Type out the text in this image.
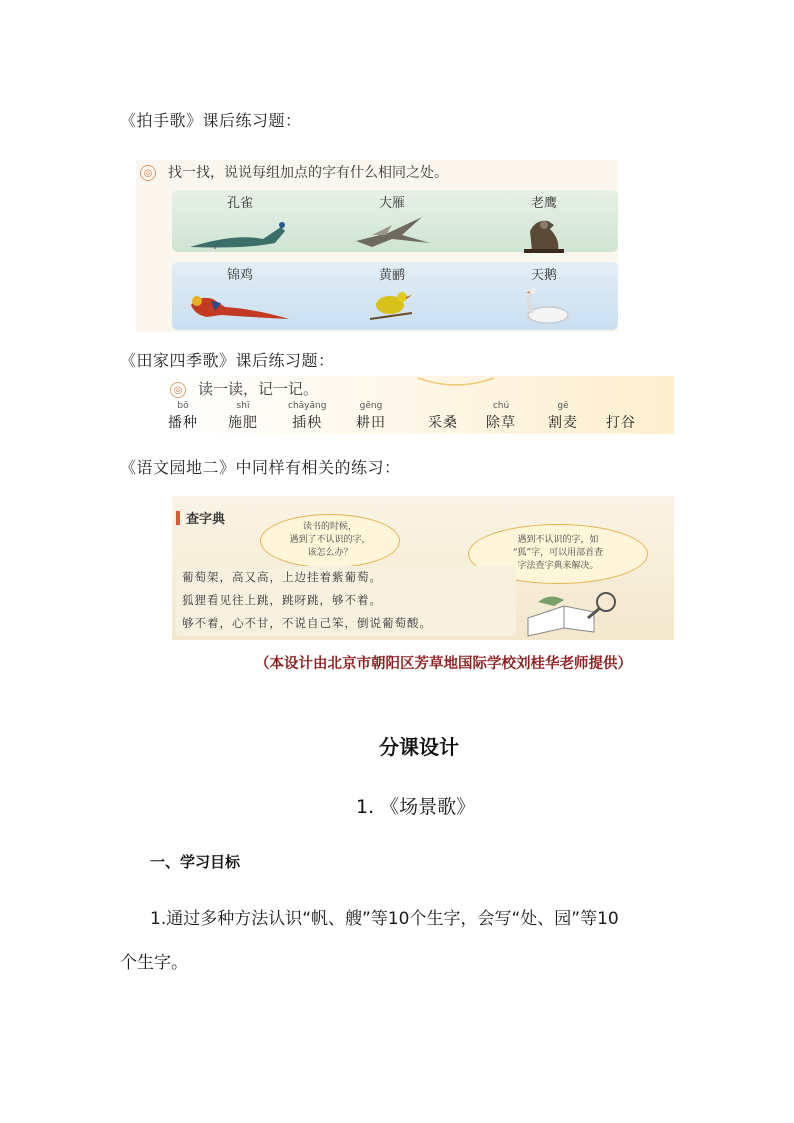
《拍手歌》课后练习题：
◎ 找一找，说说每组加点的字有什么相同之处。
孔雀	大雁	老鹰
锦鸡	黄鹂	天鹅
《田家四季歌》课后练习题：
◎ 读一读，记一记。
bō
播种
shī
施肥
chāyāng
插秧
gēng
耕田	采桑
chú
除草
gē
割麦 打谷
《语文园地二》中同样有相关的练习：
查字典	读书的时候，
遇到了不认识的字，
该怎么办？
遇到不认识的字，如
“狐”字，可以用部首查
字法查字典来解决。
葡萄架，高又高，上边挂着紫葡萄。
狐狸看见往上跳，跳呀跳，够不着。
够不着，心不甘，不说自己笨，倒说葡萄酸。
（本设计由北京市朝阳区芳草地国际学校刘桂华老师提供）
分课设计
1. 《场景歌》
一、学习目标
1.通过多种方法认识“帆、艘”等10个生字，会写“处、园”等10
个生字。
